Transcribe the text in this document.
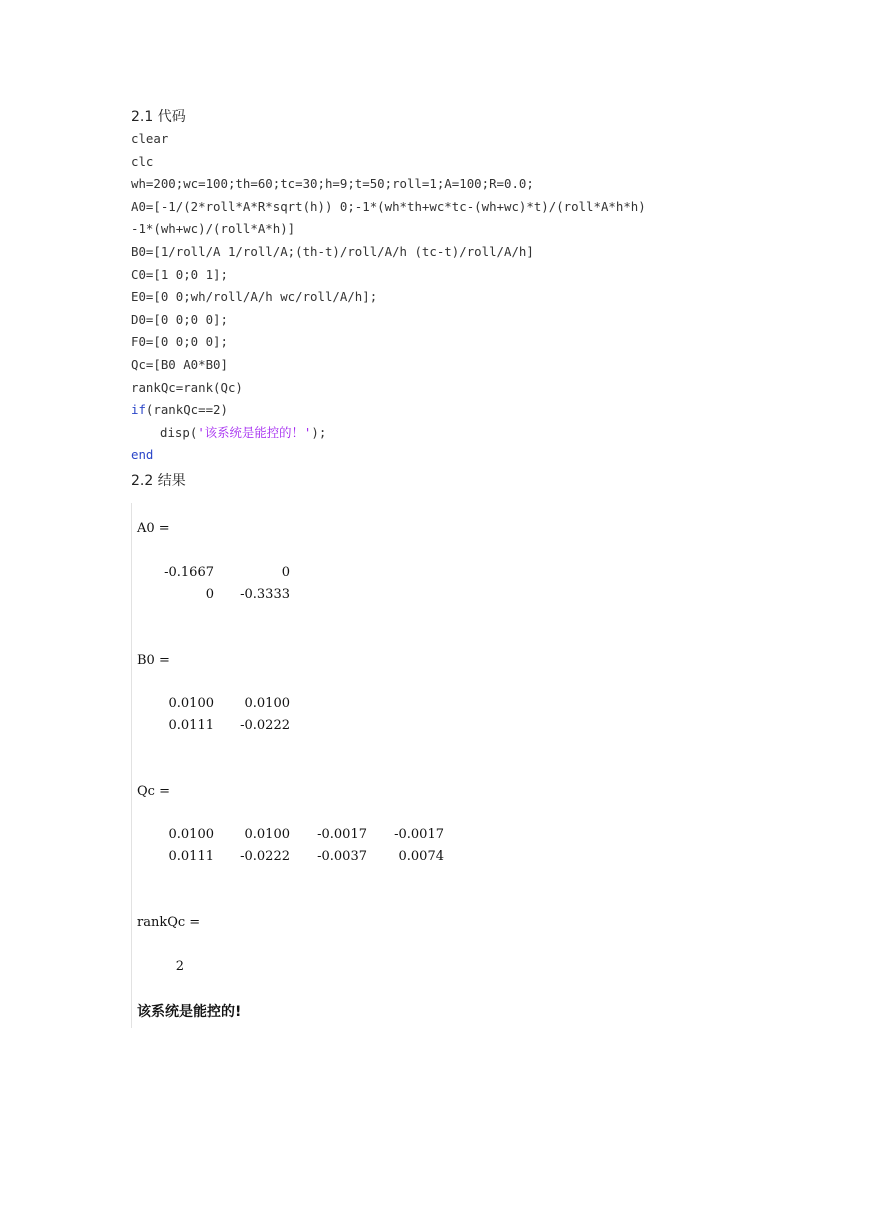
2.1 代码
clear
clc
wh=200;wc=100;th=60;tc=30;h=9;t=50;roll=1;A=100;R=0.0;
A0=[-1/(2*roll*A*R*sqrt(h)) 0;-1*(wh*th+wc*tc-(wh+wc)*t)/(roll*A*h*h)
-1*(wh+wc)/(roll*A*h)]
B0=[1/roll/A 1/roll/A;(th-t)/roll/A/h (tc-t)/roll/A/h]
C0=[1 0;0 1];
E0=[0 0;wh/roll/A/h wc/roll/A/h];
D0=[0 0;0 0];
F0=[0 0;0 0];
Qc=[B0 A0*B0]
rankQc=rank(Qc)
if(rankQc==2)
disp('该系统是能控的！');
end
2.2 结果
A0 =
-0.1667	0
0	-0.3333
B0 =
0.0100	0.0100
0.0111	-0.0222
Qc =
0.0100	0.0100	-0.0017	-0.0017
0.0111	-0.0222	-0.0037	0.0074
rankQc =
2
该系统是能控的!
